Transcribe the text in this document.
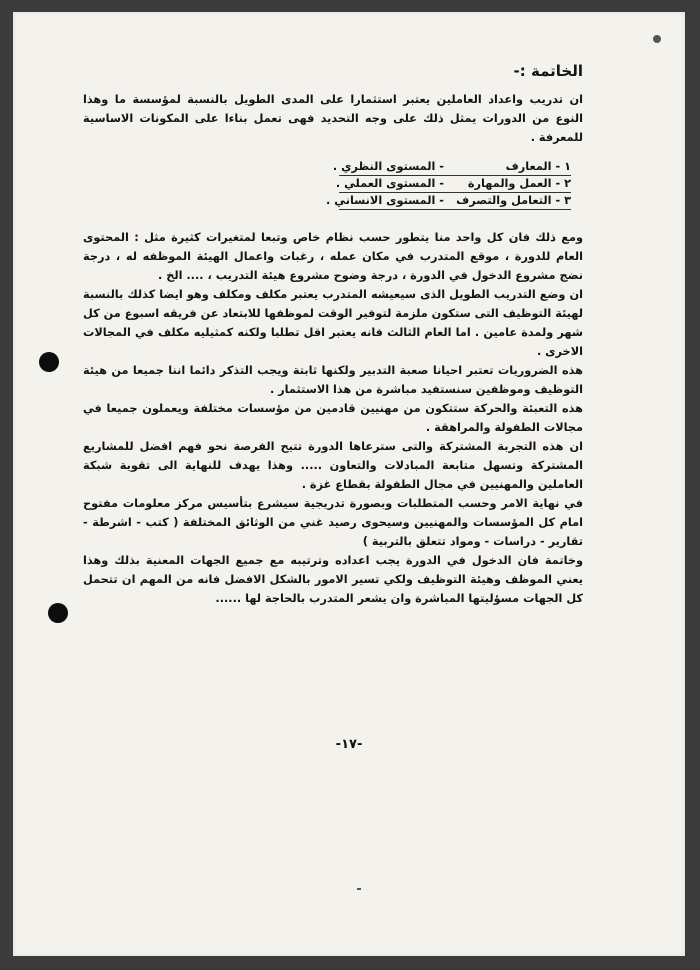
الخاتمة :-

ان تدريب واعداد العاملين يعتبر استثمارا على المدى الطويل بالنسبة لمؤسسة ما وهذا النوع من الدورات يمثل ذلك على وجه التحديد فهى تعمل بناءا على المكونات الاساسية للمعرفة .

١ - المعارف
- المستوى النظري .
٢ - العمل والمهارة
- المستوى العملي .
٣ - التعامل والتصرف
- المستوى الانساني .

ومع ذلك فان كل واحد منا يتطور حسب نظام خاص وتبعا لمتغيرات كثيرة مثل : المحتوى العام للدورة ، موقع المتدرب في مكان عمله ، رغبات واعمال الهيئة الموظفه له ، درجة نضج مشروع الدخول في الدورة ، درجة وضوح مشروع هيئة التدريب ، .... الخ .

ان وضع التدريب الطويل الذى سيعيشه المتدرب يعتبر مكلف ومكلف وهو ايضا كذلك بالنسبة لهيئة التوظيف التى ستكون ملزمة لتوفير الوقت لموظفها للابتعاد عن فريقه اسبوع من كل شهر ولمدة عامين . اما العام الثالث فانه يعتبر اقل تطلبا ولكنه كمثيليه مكلف في المجالات الاخرى .

هذه الضروريات تعتبر احيانا صعبة التدبير ولكنها ثابتة ويجب التذكر دائما اننا جميعا من هيئة التوظيف وموظفين سنستفيد مباشرة من هذا الاستثمار .

هذه التعبئة والحركة ستتكون من مهنيين قادمين من مؤسسات مختلفة ويعملون جميعا في مجالات الطفولة والمراهقة .

ان هذه التجربة المشتركة والتى سترعاها الدورة تتيح الفرصة نحو فهم افضل للمشاريع المشتركة وتسهل متابعة المبادلات والتعاون ..... وهذا يهدف للنهاية الى تقوية شبكة العاملين والمهنيين في مجال الطفولة بقطاع غزة .

في نهاية الامر وحسب المتطلبات وبصورة تدريجية سيشرع بتأسيس مركز معلومات مفتوح امام كل المؤسسات والمهنيين وسيحوى رصيد غني من الوثائق المختلفة ( كتب - اشرطة - تقارير - دراسات - ومواد تتعلق بالتربية )

وخاتمة فان الدخول في الدورة يجب اعداده وترتيبه مع جميع الجهات المعنية بذلك وهذا يعني الموظف وهيئة التوظيف ولكي تسير الامور بالشكل الافضل فانه من المهم ان تتحمل كل الجهات مسؤليتها المباشرة وان يشعر المتدرب بالحاجة لها ......

-١٧-
